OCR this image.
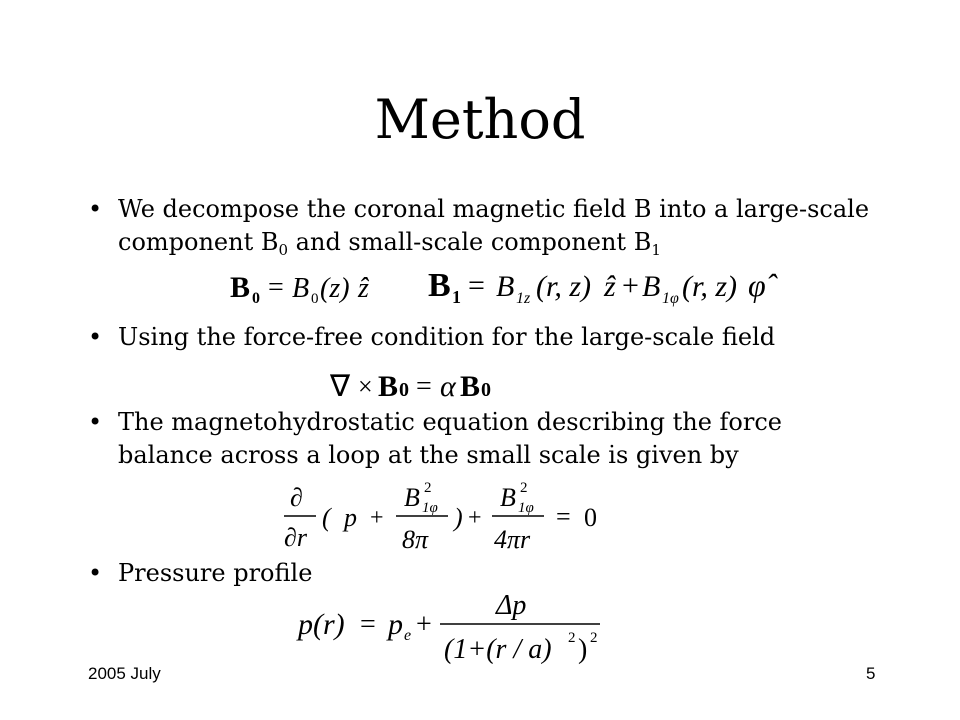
Method
• We decompose the coronal magnetic field B into a large-scale component $B_0$ and small-scale component $B_1$
B 0 = B 0 (z) ẑ B 1 = B 1z (r, z) ẑ + B 1φ (r, z) φ̂
• Using the force-free condition for the large-scale field
∇ × B 0 = α B 0
• The magnetohydrostatic equation describing the force balance across a loop at the small scale is given by
∂
∂r
( p +
B 1φ
2
8π
) +
B 1φ
2
4πr
= 0
• Pressure profile
p(r) = p e +
Δp
(1+(r / a) 2 ) 2
2005 July	5
